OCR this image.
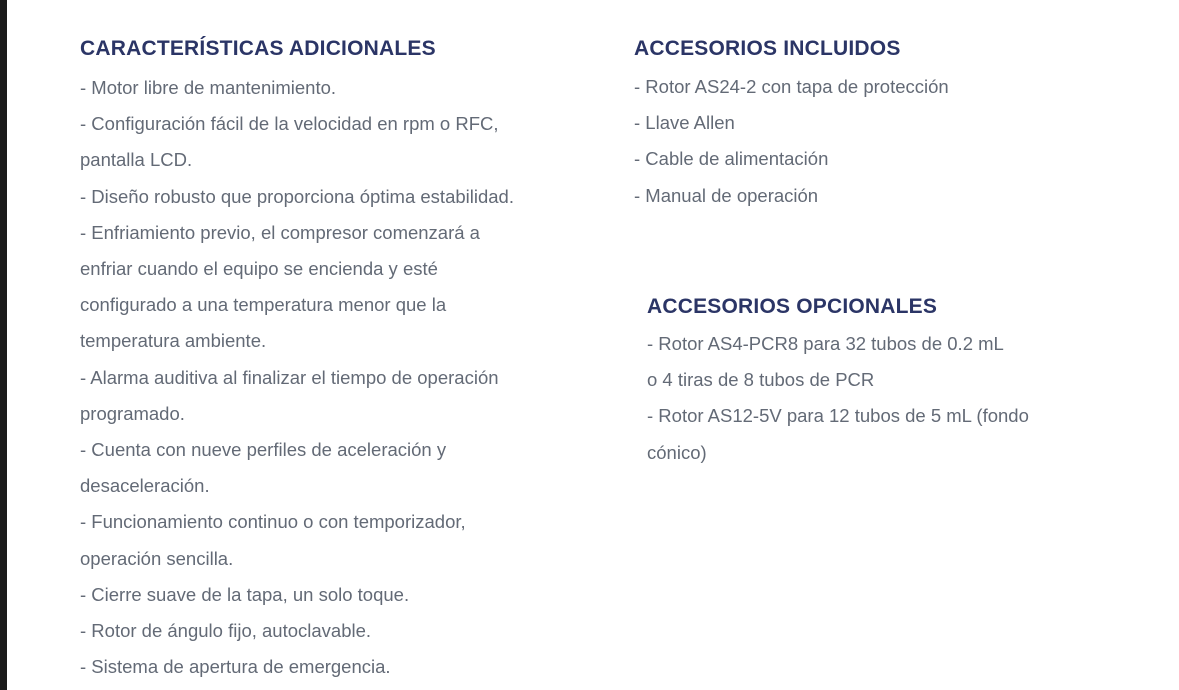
CARACTERÍSTICAS ADICIONALES
- Motor libre de mantenimiento.
- Configuración fácil de la velocidad en rpm o RFC,
pantalla LCD.
- Diseño robusto que proporciona óptima estabilidad.
- Enfriamiento previo, el compresor comenzará a
enfriar cuando el equipo se encienda y esté
configurado a una temperatura menor que la
temperatura ambiente.
- Alarma auditiva al finalizar el tiempo de operación
programado.
- Cuenta con nueve perfiles de aceleración y
desaceleración.
- Funcionamiento continuo o con temporizador,
operación sencilla.
- Cierre suave de la tapa, un solo toque.
- Rotor de ángulo fijo, autoclavable.
- Sistema de apertura de emergencia.
ACCESORIOS INCLUIDOS
- Rotor AS24-2 con tapa de protección
- Llave Allen
- Cable de alimentación
- Manual de operación
ACCESORIOS OPCIONALES
- Rotor AS4-PCR8 para 32 tubos de 0.2 mL
o 4 tiras de 8 tubos de PCR
- Rotor AS12-5V para 12 tubos de 5 mL (fondo
cónico)
